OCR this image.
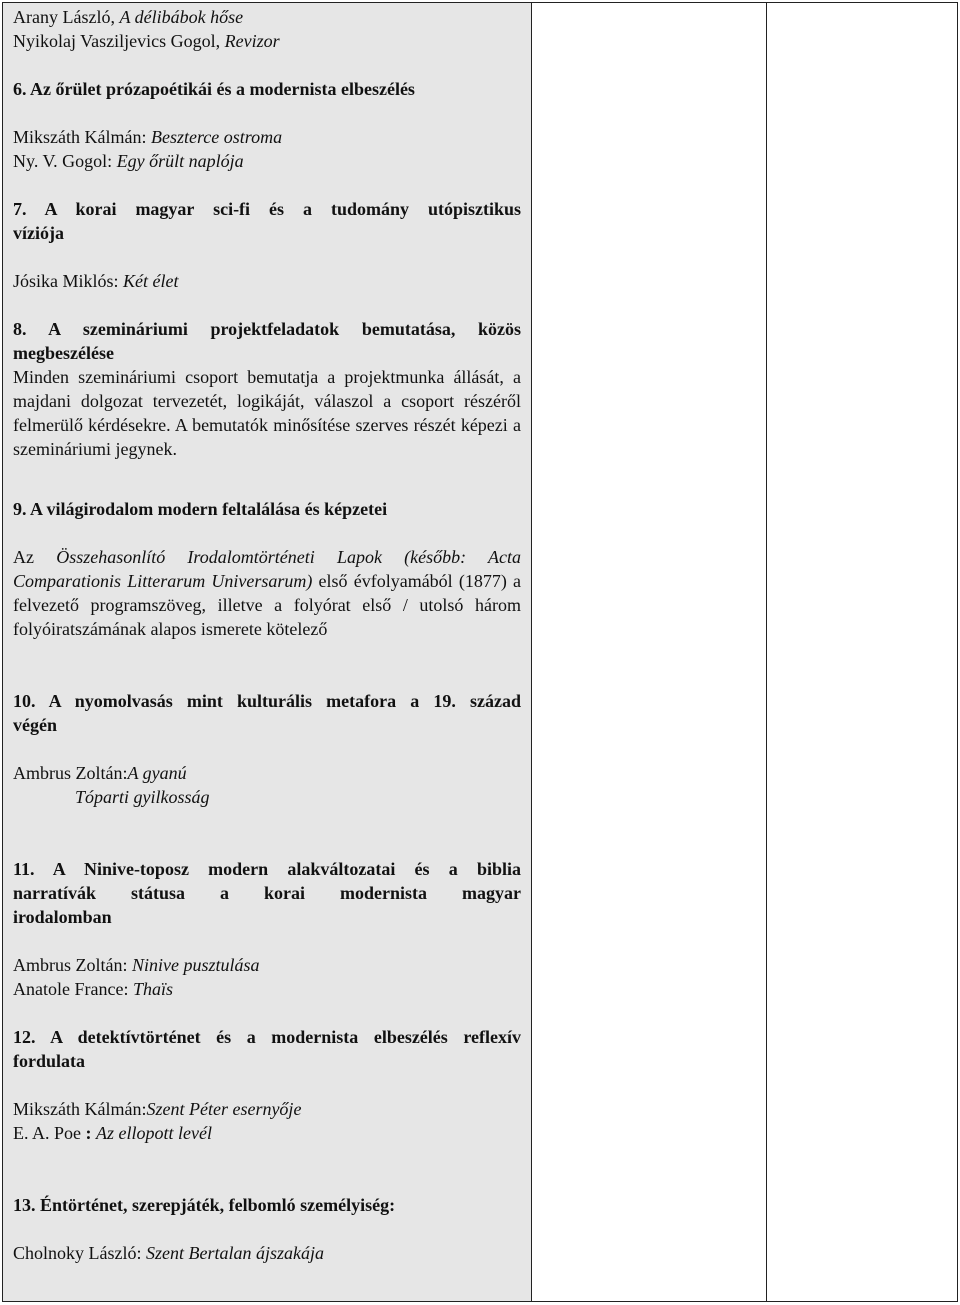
Arany László, A délibábok hőse
Nyikolaj Vasziljevics Gogol, Revizor
6. Az őrület prózapoétikái és a modernista elbeszélés
Mikszáth Kálmán: Beszterce ostroma
Ny. V. Gogol: Egy őrült naplója
7. A korai magyar sci-fi és a tudomány utópisztikus
víziója
Jósika Miklós: Két élet
8. A szemináriumi projektfeladatok bemutatása, közös
megbeszélése
Minden szemináriumi csoport bemutatja a projektmunka állását, a majdani dolgozat tervezetét, logikáját, válaszol a csoport részéről felmerülő kérdésekre. A bemutatók minősítése szerves részét képezi a szemináriumi jegynek.
9. A világirodalom modern feltalálása és képzetei
Az Összehasonlító Irodalomtörténeti Lapok (később: Acta Comparationis Litterarum Universarum) első évfolyamából (1877) a felvezető programszöveg, illetve a folyórat első / utolsó három folyóiratszámának alapos ismerete kötelező
10. A nyomolvasás mint kulturális metafora a 19. század
végén
Ambrus Zoltán:A gyanú
Tóparti gyilkosság
11. A Ninive-toposz modern alakváltozatai és a biblia
narratívák státusa a korai modernista magyar
irodalomban
Ambrus Zoltán: Ninive pusztulása
Anatole France: Thaïs
12. A detektívtörténet és a modernista elbeszélés reflexív
fordulata
Mikszáth Kálmán:Szent Péter esernyője
E. A. Poe : Az ellopott levél
13. Éntörténet, szerepjáték, felbomló személyiség:
Cholnoky László: Szent Bertalan ájszakája
